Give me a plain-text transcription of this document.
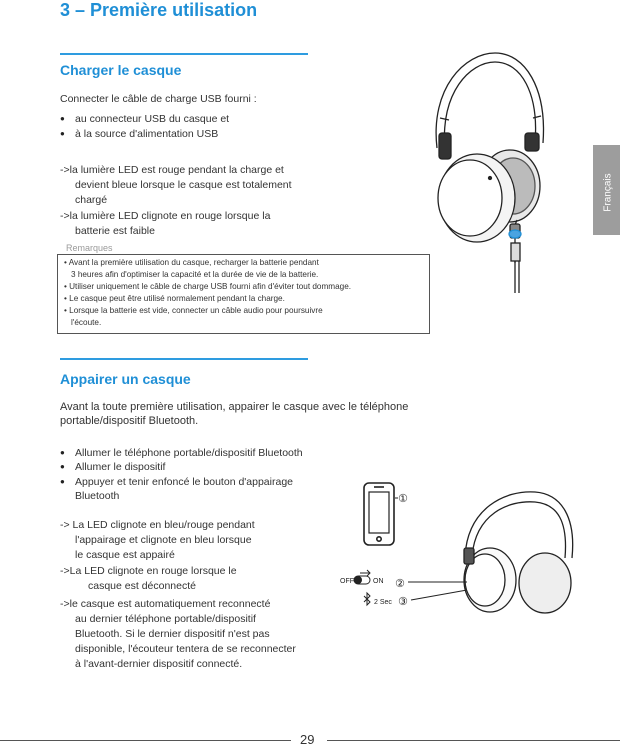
3 – Première utilisation
Français
Charger le casque
Connecter le câble de charge USB fourni :
● au connecteur USB du casque et
● à la source d'alimentation USB
->la lumière LED est rouge pendant la charge et
devient bleue lorsque le casque est totalement
chargé
->la lumière LED clignote en rouge lorsque la
batterie est faible
Remarques
• Avant la première utilisation du casque, recharger la batterie pendant
3 heures afin d'optimiser la capacité et la durée de vie de la batterie.
• Utiliser uniquement le câble de charge USB fourni afin d'éviter tout dommage.
• Le casque peut être utilisé normalement pendant la charge.
• Lorsque la batterie est vide, connecter un câble audio pour poursuivre
l'écoute.
Appairer un casque
Avant la toute première utilisation, appairer le casque avec le téléphone
portable/dispositif Bluetooth.
● Allumer le téléphone portable/dispositif Bluetooth
● Allumer le dispositif
● Appuyer et tenir enfoncé le bouton d'appairage
Bluetooth
-> La LED clignote en bleu/rouge pendant
l'appairage et clignote en bleu lorsque
le casque est appairé
->La LED clignote en rouge lorsque le
casque est déconnecté
->le casque est automatiquement reconnecté
au dernier téléphone portable/dispositif
Bluetooth. Si le dernier dispositif n'est pas
disponible, l'écouteur tentera de se reconnecter
à l'avant-dernier dispositif connecté.
①
OFF	ON ②
2 Sec ③
29
